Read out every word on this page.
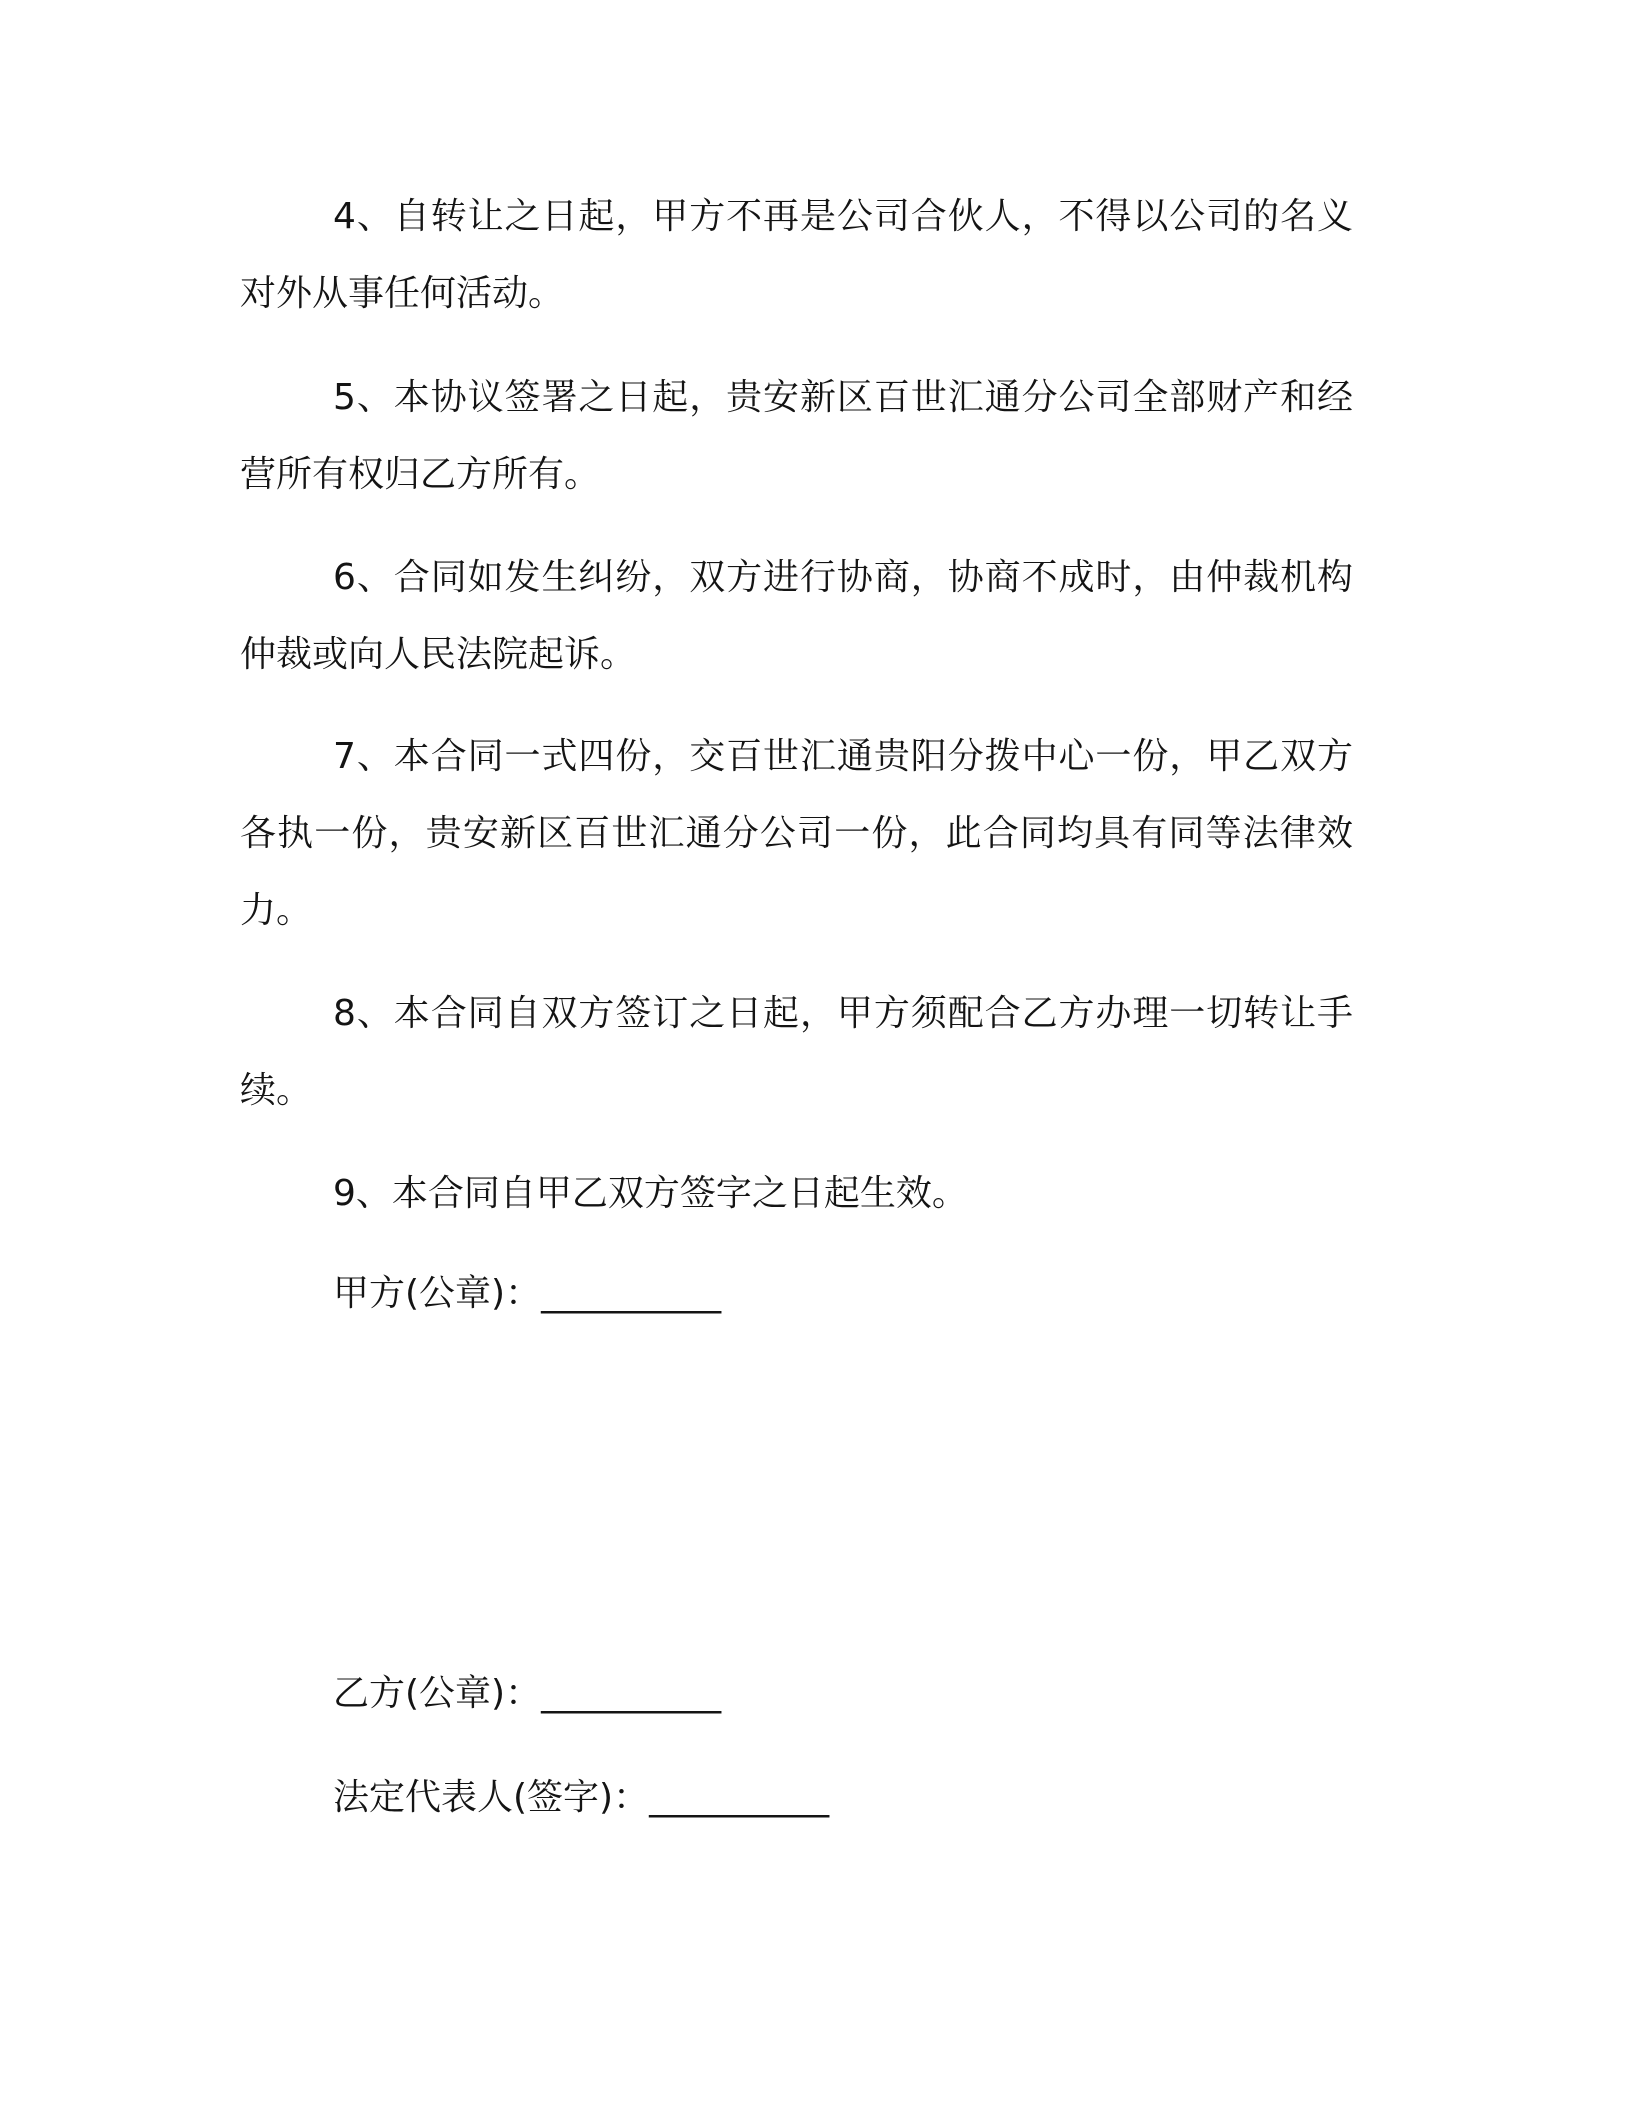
4、自转让之日起，甲方不再是公司合伙人，不得以公司的名义
对外从事任何活动。
5、本协议签署之日起，贵安新区百世汇通分公司全部财产和经
营所有权归乙方所有。
6、合同如发生纠纷，双方进行协商，协商不成时，由仲裁机构
仲裁或向人民法院起诉。
7、本合同一式四份，交百世汇通贵阳分拨中心一份，甲乙双方
各执一份，贵安新区百世汇通分公司一份，此合同均具有同等法律效
力。
8、本合同自双方签订之日起，甲方须配合乙方办理一切转让手
续。
9、本合同自甲乙双方签字之日起生效。
甲方(公章)：__________
乙方(公章)：__________
法定代表人(签字)：__________
